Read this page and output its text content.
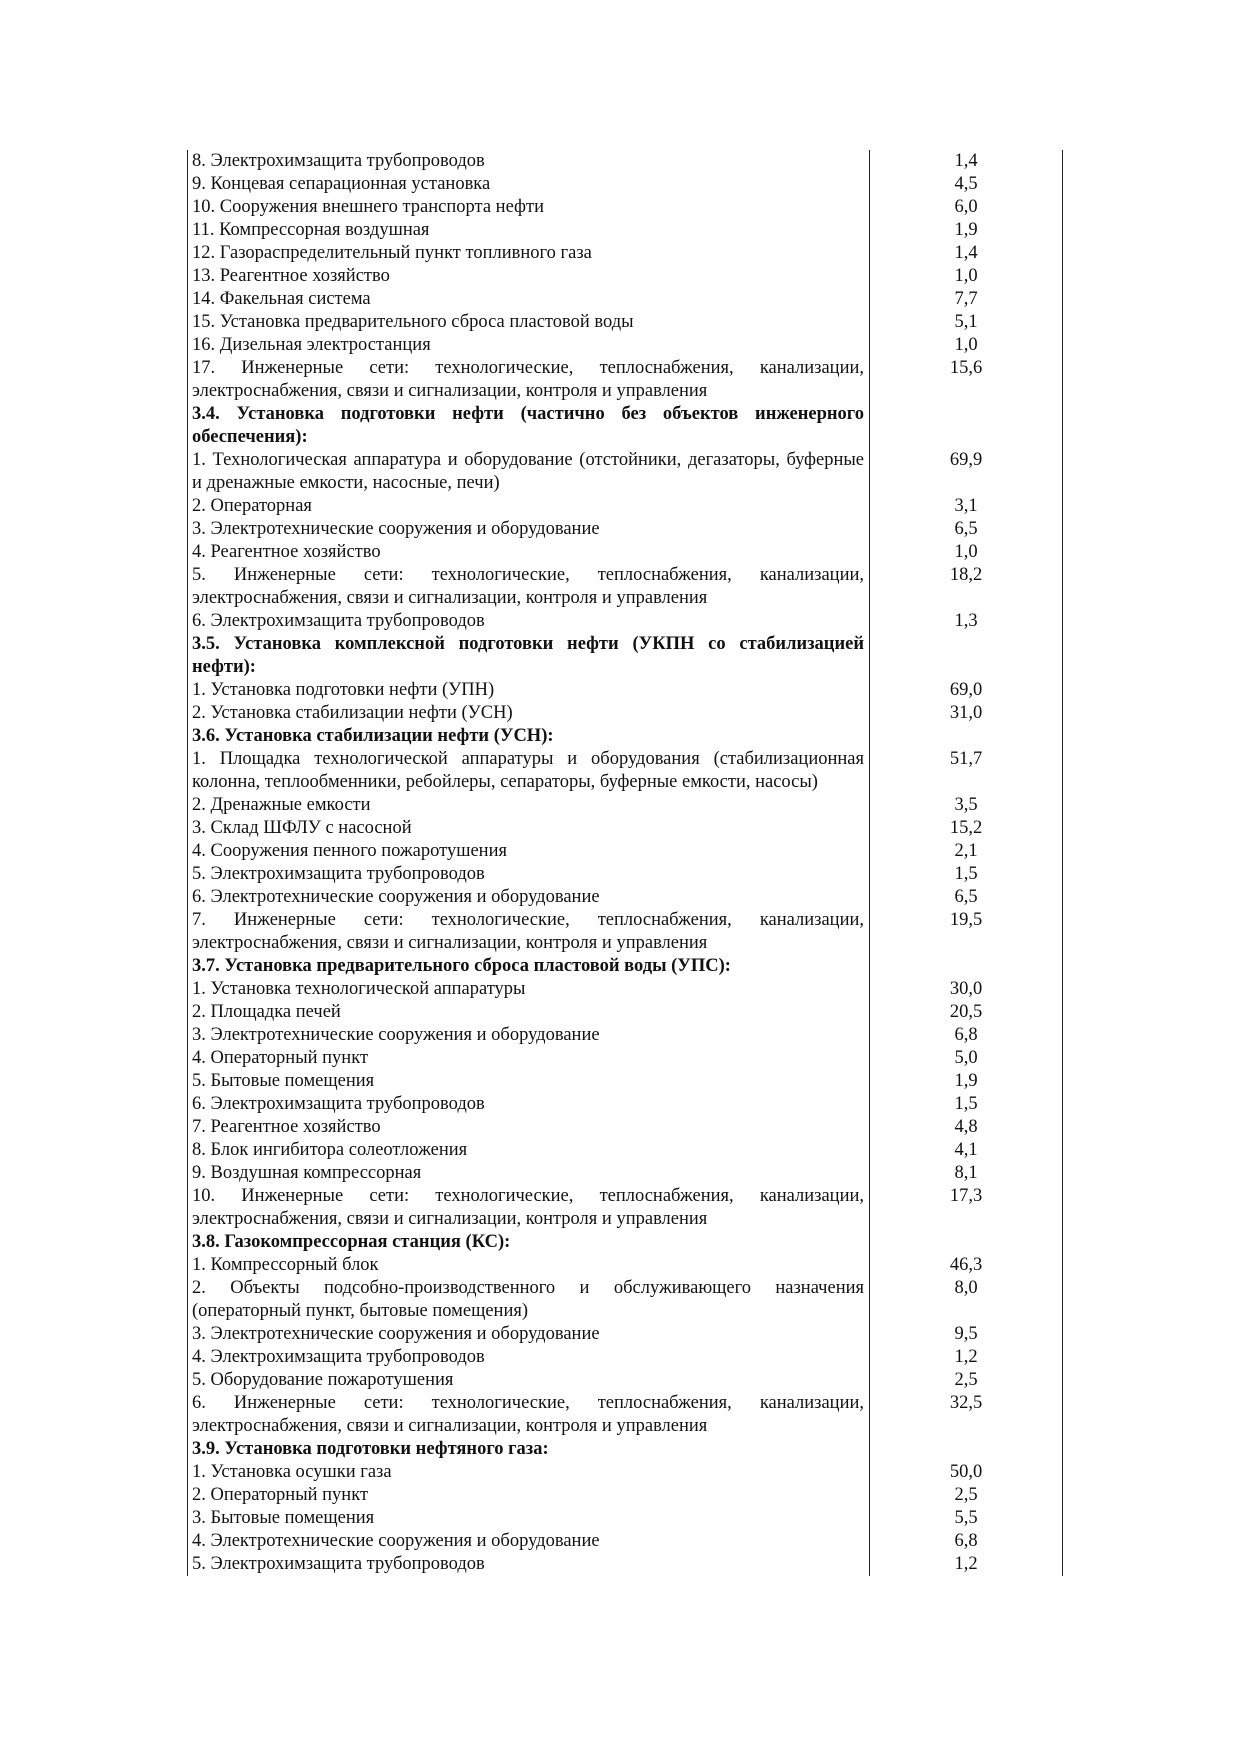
8. Электрохимзащита трубопроводов	1,4
9. Концевая сепарационная установка	4,5
10. Сооружения внешнего транспорта нефти	6,0
11. Компрессорная воздушная	1,9
12. Газораспределительный пункт топливного газа	1,4
13. Реагентное хозяйство	1,0
14. Факельная система	7,7
15. Установка предварительного сброса пластовой воды	5,1
16. Дизельная электростанция	1,0
17. Инженерные сети: технологические, теплоснабжения, канализации, электроснабжения, связи и сигнализации, контроля и управления	15,6
3.4. Установка подготовки нефти (частично без объектов инженерного обеспечения):	
1. Технологическая аппаратура и оборудование (отстойники, дегазаторы, буферные и дренажные емкости, насосные, печи)	69,9
2. Операторная	3,1
3. Электротехнические сооружения и оборудование	6,5
4. Реагентное хозяйство	1,0
5. Инженерные сети: технологические, теплоснабжения, канализации, электроснабжения, связи и сигнализации, контроля и управления	18,2
6. Электрохимзащита трубопроводов	1,3
3.5. Установка комплексной подготовки нефти (УКПН со стабилизацией нефти):	
1. Установка подготовки нефти (УПН)	69,0
2. Установка стабилизации нефти (УСН)	31,0
3.6. Установка стабилизации нефти (УСН):	
1. Площадка технологической аппаратуры и оборудования (стабилизационная колонна, теплообменники, ребойлеры, сепараторы, буферные емкости, насосы)	51,7
2. Дренажные емкости	3,5
3. Склад ШФЛУ с насосной	15,2
4. Сооружения пенного пожаротушения	2,1
5. Электрохимзащита трубопроводов	1,5
6. Электротехнические сооружения и оборудование	6,5
7. Инженерные сети: технологические, теплоснабжения, канализации, электроснабжения, связи и сигнализации, контроля и управления	19,5
3.7. Установка предварительного сброса пластовой воды (УПС):	
1. Установка технологической аппаратуры	30,0
2. Площадка печей	20,5
3. Электротехнические сооружения и оборудование	6,8
4. Операторный пункт	5,0
5. Бытовые помещения	1,9
6. Электрохимзащита трубопроводов	1,5
7. Реагентное хозяйство	4,8
8. Блок ингибитора солеотложения	4,1
9. Воздушная компрессорная	8,1
10. Инженерные сети: технологические, теплоснабжения, канализации, электроснабжения, связи и сигнализации, контроля и управления	17,3
3.8. Газокомпрессорная станция (КС):	
1. Компрессорный блок	46,3
2. Объекты подсобно-производственного и обслуживающего назначения (операторный пункт, бытовые помещения)	8,0
3. Электротехнические сооружения и оборудование	9,5
4. Электрохимзащита трубопроводов	1,2
5. Оборудование пожаротушения	2,5
6. Инженерные сети: технологические, теплоснабжения, канализации, электроснабжения, связи и сигнализации, контроля и управления	32,5
3.9. Установка подготовки нефтяного газа:	
1. Установка осушки газа	50,0
2. Операторный пункт	2,5
3. Бытовые помещения	5,5
4. Электротехнические сооружения и оборудование	6,8
5. Электрохимзащита трубопроводов	1,2
